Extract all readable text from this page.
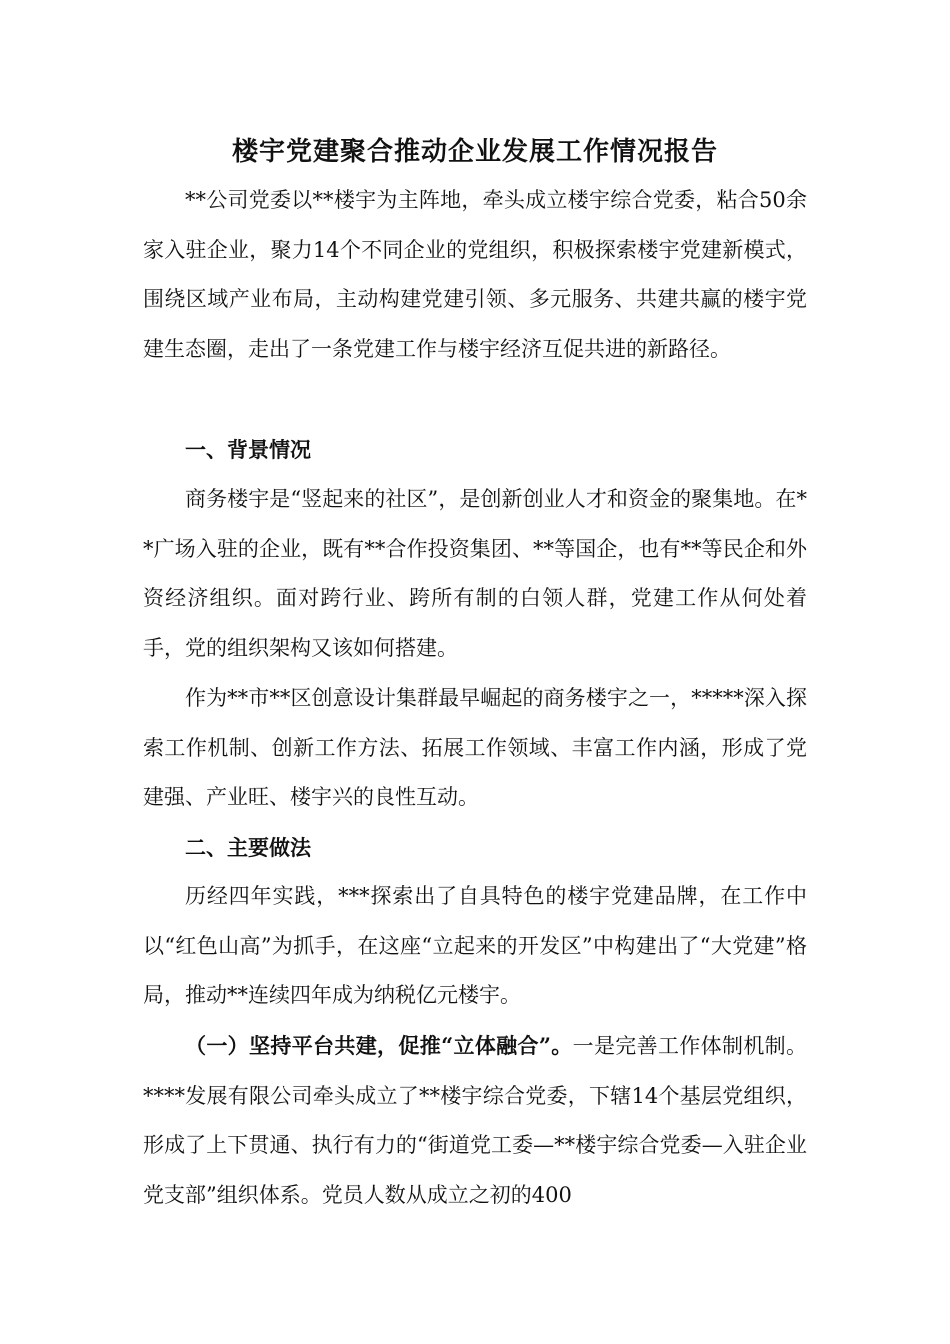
楼宇党建聚合推动企业发展工作情况报告

**公司党委以**楼宇为主阵地，牵头成立楼宇综合党委，粘合50余家入驻企业，聚力14个不同企业的党组织，积极探索楼宇党建新模式，围绕区域产业布局，主动构建党建引领、多元服务、共建共赢的楼宇党建生态圈，走出了一条党建工作与楼宇经济互促共进的新路径。

一、背景情况

商务楼宇是“竖起来的社区”，是创新创业人才和资金的聚集地。在**广场入驻的企业，既有**合作投资集团、**等国企，也有**等民企和外资经济组织。面对跨行业、跨所有制的白领人群，党建工作从何处着手，党的组织架构又该如何搭建。

作为**市**区创意设计集群最早崛起的商务楼宇之一，*****深入探索工作机制、创新工作方法、拓展工作领域、丰富工作内涵，形成了党建强、产业旺、楼宇兴的良性互动。

二、主要做法

历经四年实践，***探索出了自具特色的楼宇党建品牌，在工作中以“红色山高”为抓手，在这座“立起来的开发区”中构建出了“大党建”格局，推动**连续四年成为纳税亿元楼宇。

（一）坚持平台共建，促推“立体融合”。一是完善工作体制机制。****发展有限公司牵头成立了**楼宇综合党委，下辖14个基层党组织，形成了上下贯通、执行有力的“街道党工委—**楼宇综合党委—入驻企业党支部”组织体系。党员人数从成立之初的400
